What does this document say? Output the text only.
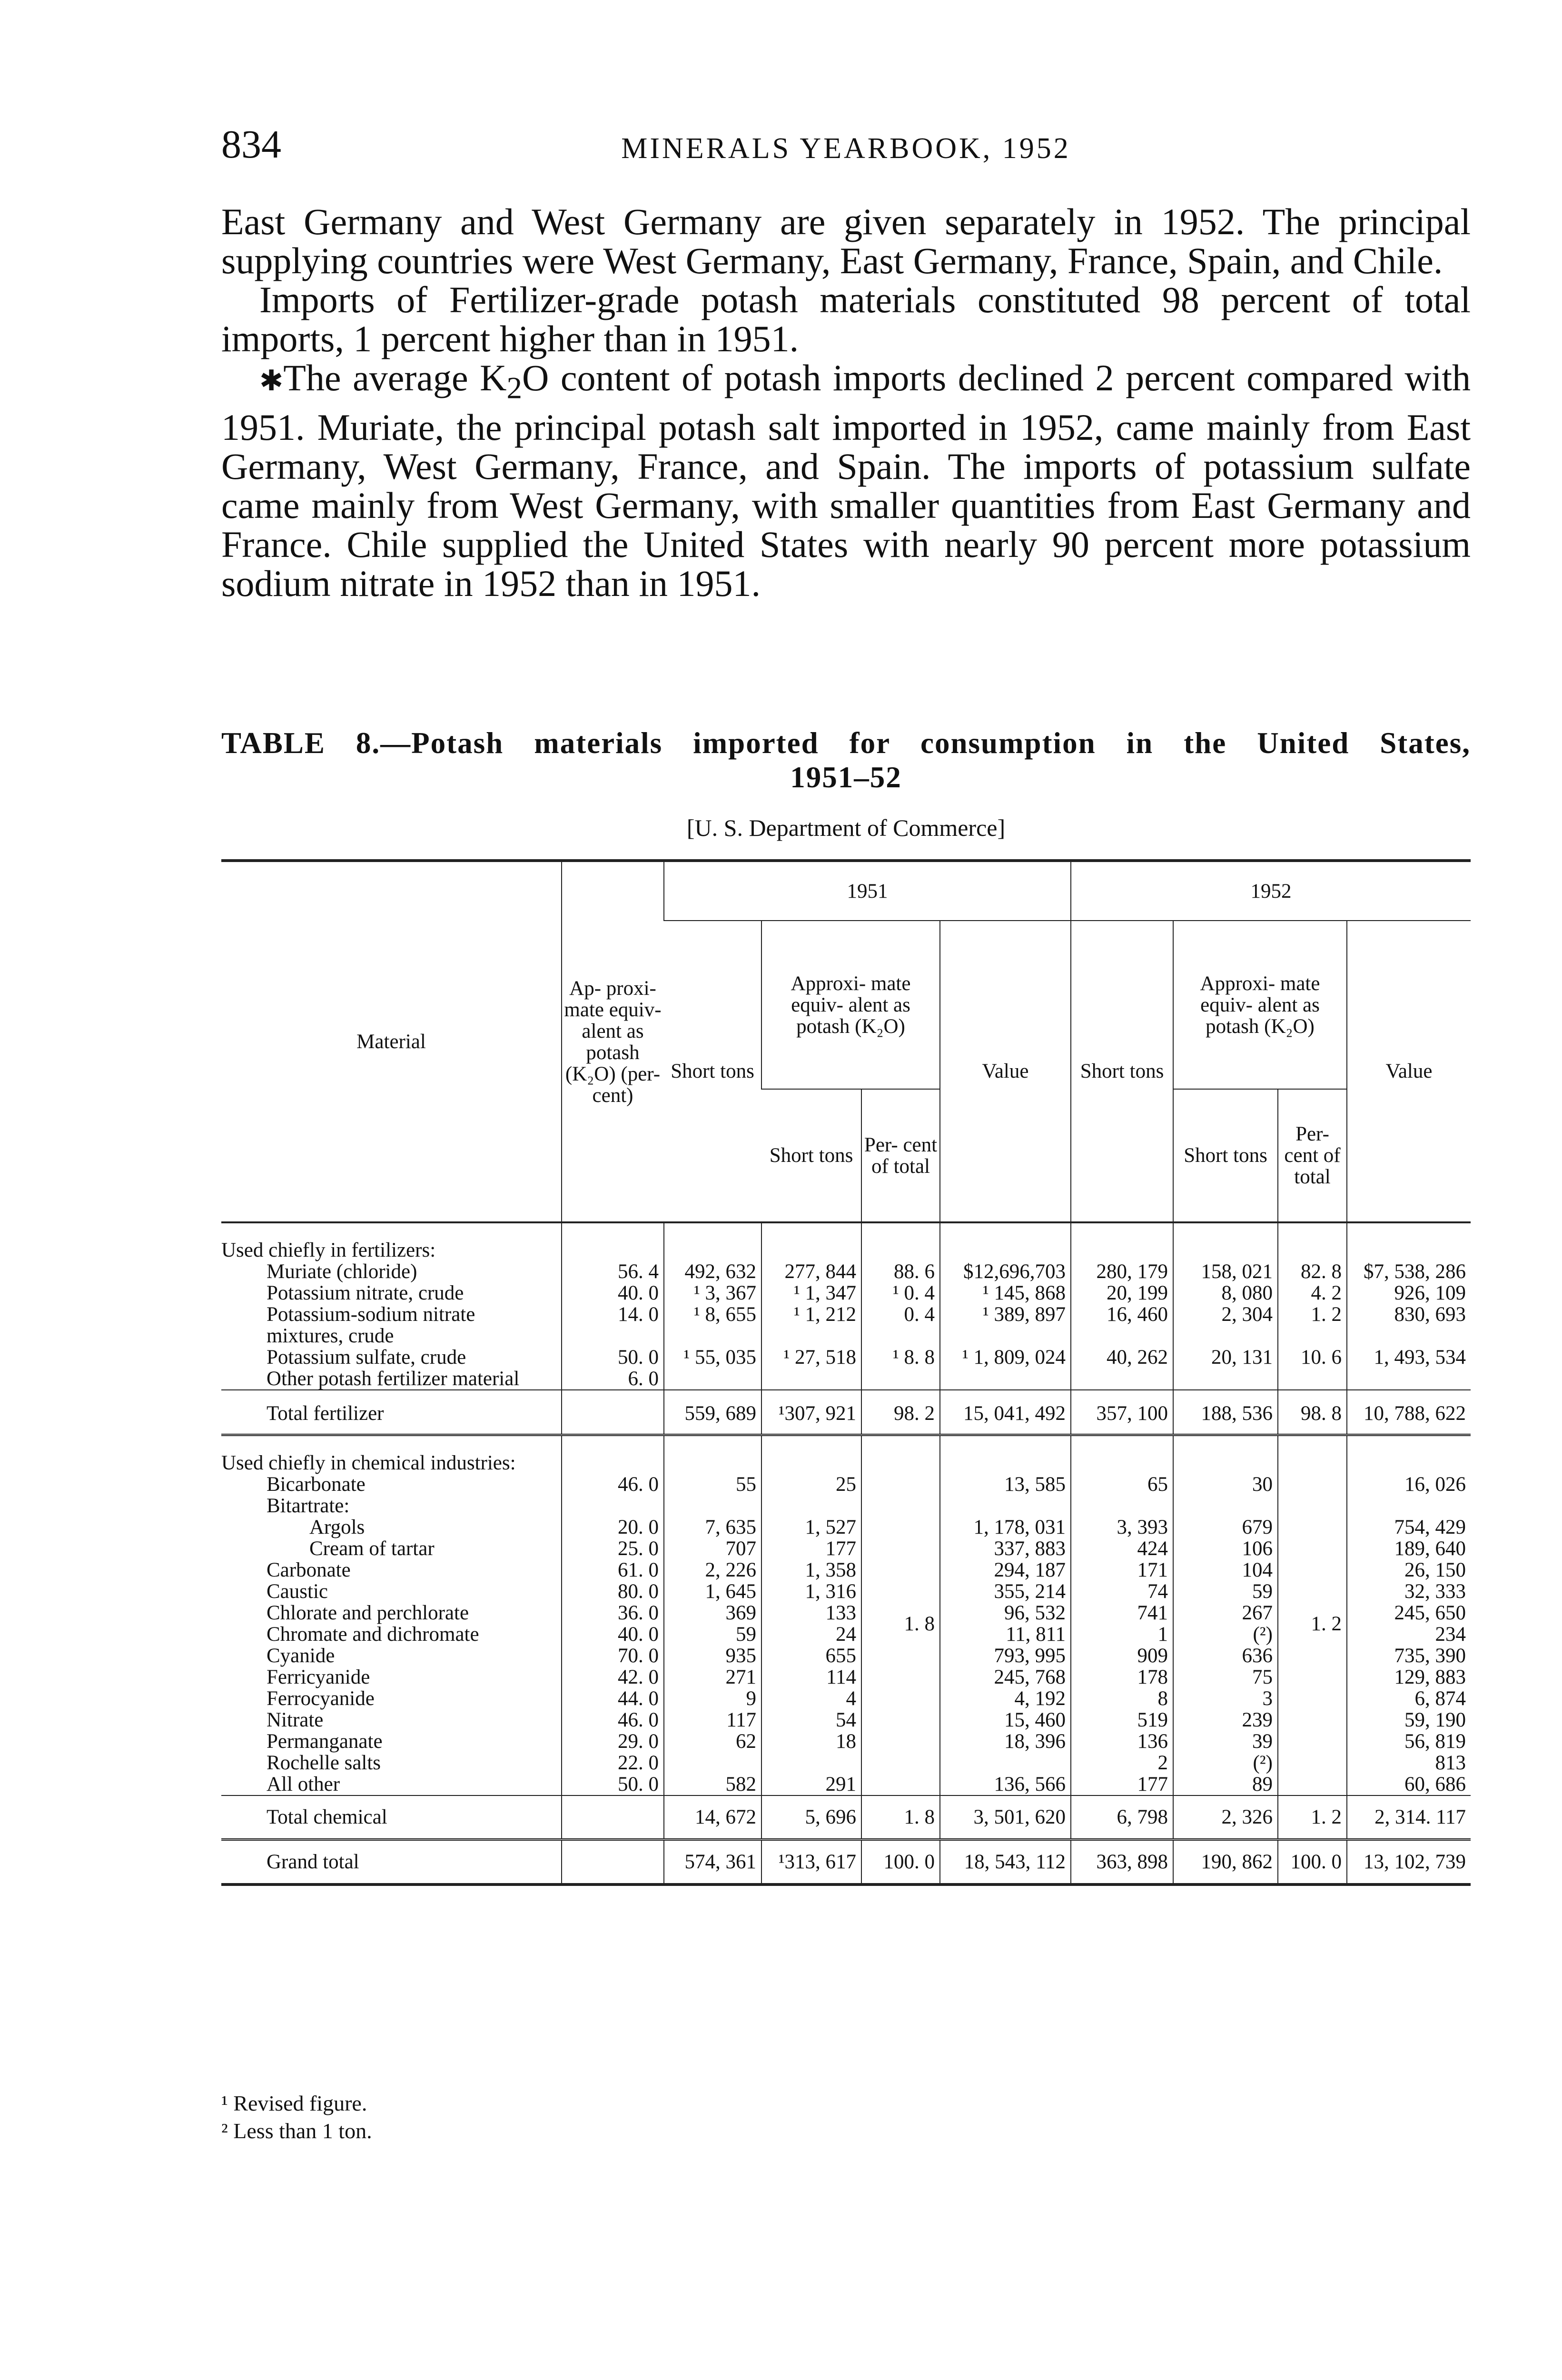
834	MINERALS YEARBOOK, 1952

East Germany and West Germany are given separately in 1952. The principal supplying countries were West Germany, East Germany, France, Spain, and Chile.

Imports of Fertilizer-grade potash materials constituted 98 percent of total imports, 1 percent higher than in 1951.

✱The average $K_2O$ content of potash imports declined 2 percent compared with 1951. Muriate, the principal potash salt imported in 1952, came mainly from East Germany, West Germany, France, and Spain. The imports of potassium sulfate came mainly from West Germany, with smaller quantities from East Germany and France. Chile supplied the United States with nearly 90 percent more potassium sodium nitrate in 1952 than in 1951.

TABLE 8.—Potash materials imported for consumption in the United States,
1951–52
[U. S. Department of Commerce]
Material	Ap- proxi- mate equiv- alent as potash (K₂O) (per- cent)	1951				1952			
		Short tons	Approxi- mate equiv- alent as potash (K₂O)		Value	Short tons	Approxi- mate equiv- alent as potash (K₂O)		Value
			Short tons	Per- cent of total			Short tons	Per- cent of total	
Used chiefly in fertilizers:									
Muriate (chloride)	56. 4	492, 632	277, 844	88. 6	$12,696,703	280, 179	158, 021	82. 8	$7, 538, 286
Potassium nitrate, crude	40. 0	¹ 3, 367	¹ 1, 347	¹ 0. 4	¹ 145, 868	20, 199	8, 080	4. 2	926, 109
Potassium-sodium nitrate mixtures, crude	14. 0	¹ 8, 655	¹ 1, 212	0. 4	¹ 389, 897	16, 460	2, 304	1. 2	830, 693
Potassium sulfate, crude	50. 0	¹ 55, 035	¹ 27, 518	¹ 8. 8	¹ 1, 809, 024	40, 262	20, 131	10. 6	1, 493, 534
Other potash fertilizer material	6. 0								
Total fertilizer		559, 689	¹307, 921	98. 2	15, 041, 492	357, 100	188, 536	98. 8	10, 788, 622
Used chiefly in chemical industries:				1. 8				1. 2	
Bicarbonate	46. 0	55	25		13, 585	65	30		16, 026
Bitartrate:									
Argols	20. 0	7, 635	1, 527		1, 178, 031	3, 393	679		754, 429
Cream of tartar	25. 0	707	177		337, 883	424	106		189, 640
Carbonate	61. 0	2, 226	1, 358		294, 187	171	104		26, 150
Caustic	80. 0	1, 645	1, 316		355, 214	74	59		32, 333
Chlorate and perchlorate	36. 0	369	133		96, 532	741	267		245, 650
Chromate and dichromate	40. 0	59	24		11, 811	1	(²)		234
Cyanide	70. 0	935	655		793, 995	909	636		735, 390
Ferricyanide	42. 0	271	114		245, 768	178	75		129, 883
Ferrocyanide	44. 0	9	4		4, 192	8	3		6, 874
Nitrate	46. 0	117	54		15, 460	519	239		59, 190
Permanganate	29. 0	62	18		18, 396	136	39		56, 819
Rochelle salts	22. 0					2	(²)		813
All other	50. 0	582	291		136, 566	177	89		60, 686
Total chemical		14, 672	5, 696	1. 8	3, 501, 620	6, 798	2, 326	1. 2	2, 314. 117
Grand total		574, 361	¹313, 617	100. 0	18, 543, 112	363, 898	190, 862	100. 0	13, 102, 739
¹ Revised figure.
² Less than 1 ton.
